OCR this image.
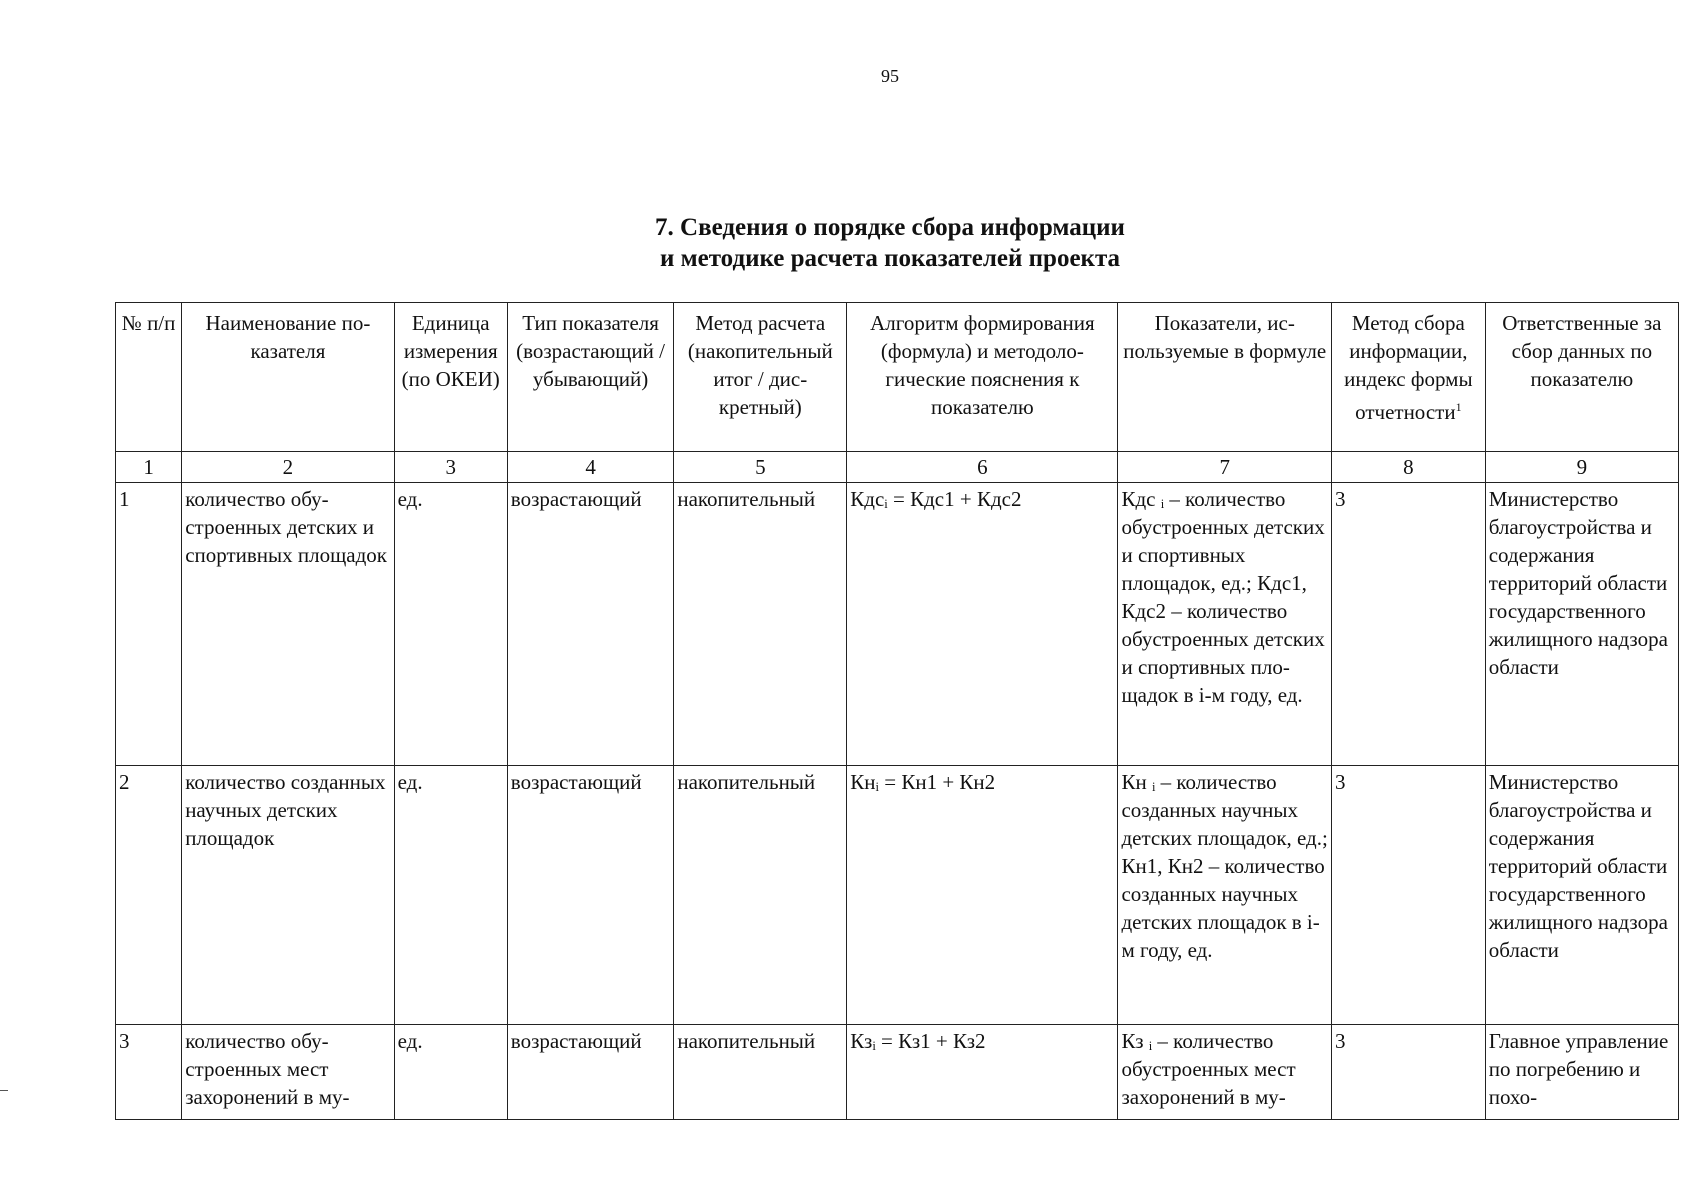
95
7. Сведения о порядке сбора информации
и методике расчета показателей проекта
№ п/п	Наименование показателя	Единица измерения (по ОКЕИ)	Тип показателя (возрастающий / убывающий)	Метод расчета (накопительный итог / дискретный)	Алгоритм формирования (формула) и методологические пояснения к показателю	Показатели, используемые в формуле	Метод сбора информации, индекс формы отчетности$^1$	Ответственные за сбор данных по показателю
1	2	3	4	5	6	7	8	9
1	количество обустроенных детских и спортивных площадок	ед.	возрастающий	накопительный	Кдсᵢ = Кдс1 + Кдс2	Кдс ᵢ – количество обустроенных детских и спортивных площадок, ед.; Кдс1, Кдс2 – количество обустроенных детских и спортивных площадок в i-м году, ед.	3	Министерство благоустройства и содержания территорий области государственного жилищного надзора области
2	количество созданных научных детских площадок	ед.	возрастающий	накопительный	Кнᵢ = Кн1 + Кн2	Кн ᵢ – количество созданных научных детских площадок, ед.; Кн1, Кн2 – количество созданных научных детских площадок в i-м году, ед.	3	Министерство благоустройства и содержания территорий области государственного жилищного надзора области
3	количество обустроенных мест захоронений в му-	ед.	возрастающий	накопительный	Кзᵢ = Кз1 + Кз2	Кз ᵢ – количество обустроенных мест захоронений в му-	3	Главное управление по погребению и похо-
